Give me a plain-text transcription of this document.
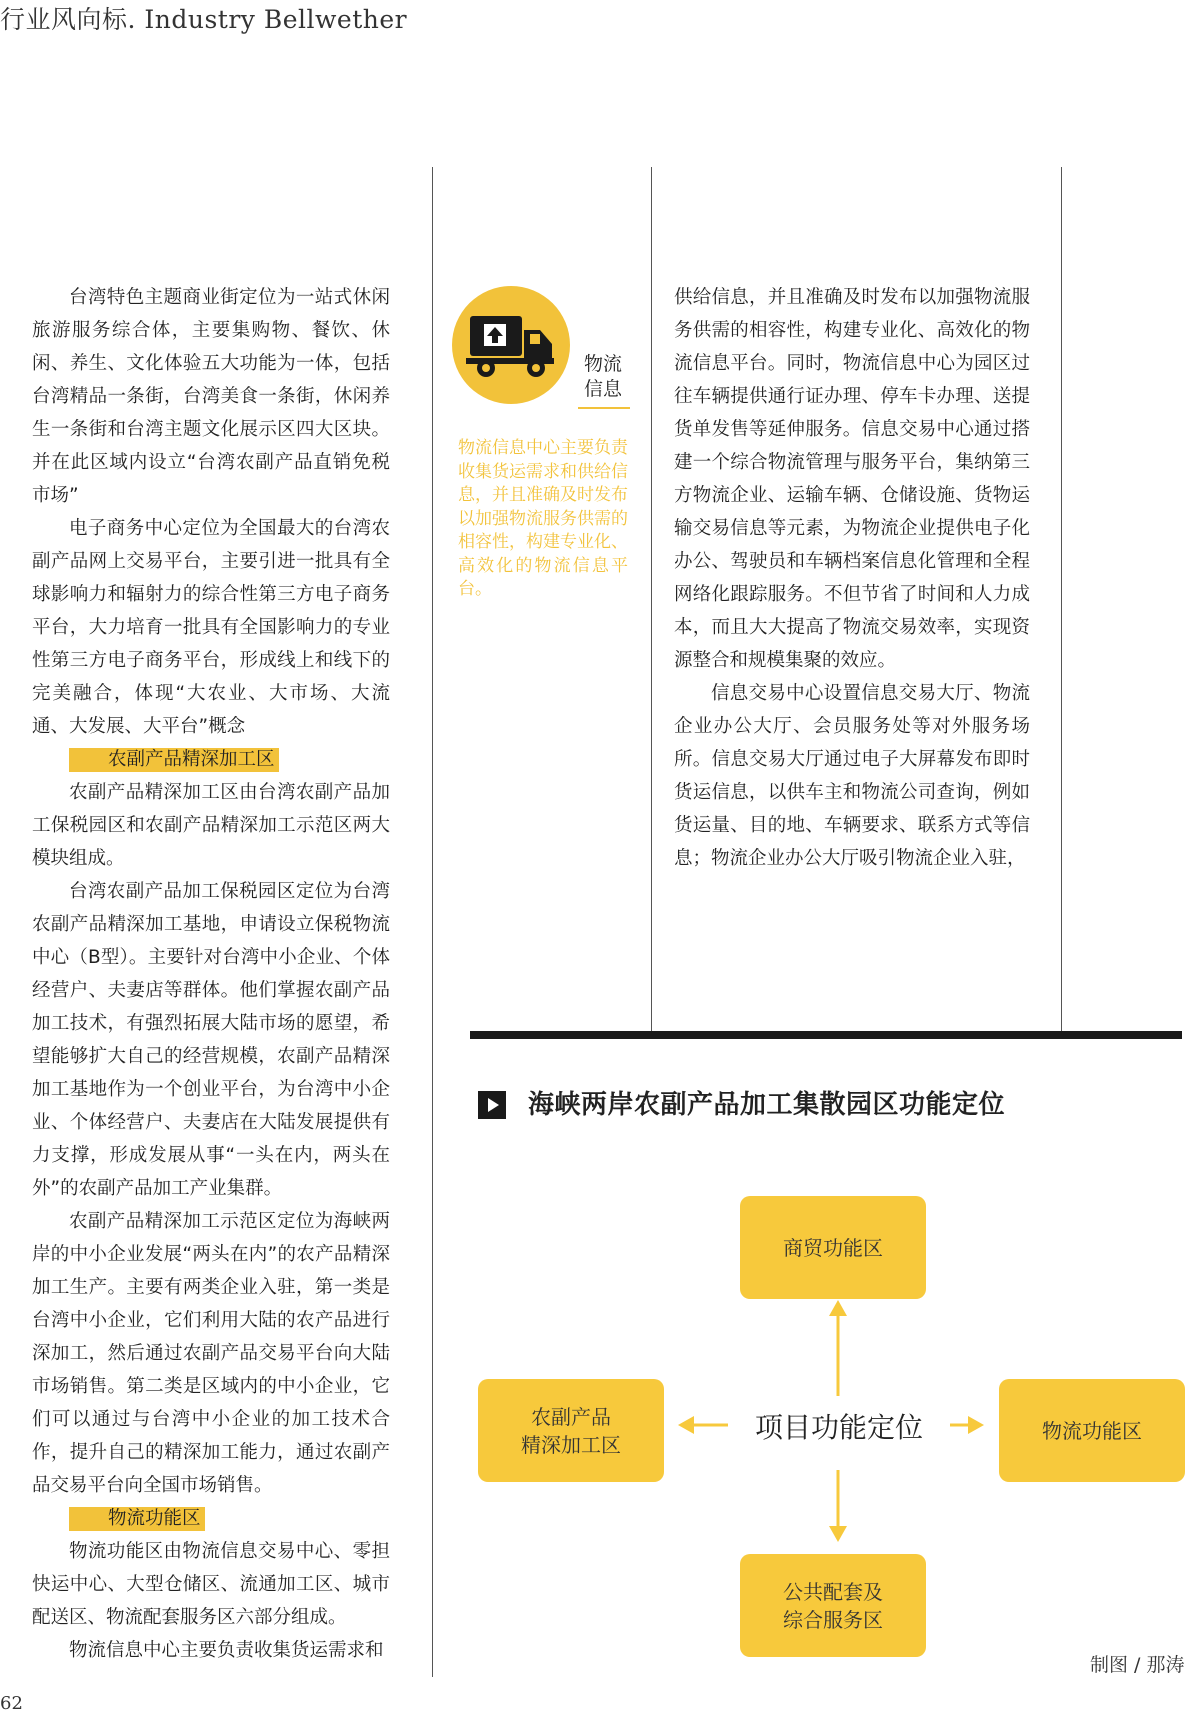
行业风向标. Industry Bellwether

台湾特色主题商业街定位为一站式休闲旅游服务综合体，主要集购物、餐饮、休闲、养生、文化体验五大功能为一体，包括台湾精品一条街，台湾美食一条街，休闲养生一条街和台湾主题文化展示区四大区块。并在此区域内设立“台湾农副产品直销免税市场”

电子商务中心定位为全国最大的台湾农副产品网上交易平台，主要引进一批具有全球影响力和辐射力的综合性第三方电子商务平台，大力培育一批具有全国影响力的专业性第三方电子商务平台，形成线上和线下的完美融合，体现“大农业、大市场、大流通、大发展、大平台”概念

农副产品精深加工区

农副产品精深加工区由台湾农副产品加工保税园区和农副产品精深加工示范区两大模块组成。

台湾农副产品加工保税园区定位为台湾农副产品精深加工基地，申请设立保税物流中心（B型）。主要针对台湾中小企业、个体经营户、夫妻店等群体。他们掌握农副产品加工技术，有强烈拓展大陆市场的愿望，希望能够扩大自己的经营规模，农副产品精深加工基地作为一个创业平台，为台湾中小企业、个体经营户、夫妻店在大陆发展提供有力支撑，形成发展从事“一头在内，两头在外”的农副产品加工产业集群。

农副产品精深加工示范区定位为海峡两岸的中小企业发展“两头在内”的农产品精深加工生产。主要有两类企业入驻，第一类是台湾中小企业，它们利用大陆的农产品进行深加工，然后通过农副产品交易平台向大陆市场销售。第二类是区域内的中小企业，它们可以通过与台湾中小企业的加工技术合作，提升自己的精深加工能力，通过农副产品交易平台向全国市场销售。

物流功能区

物流功能区由物流信息交易中心、零担快运中心、大型仓储区、流通加工区、城市配送区、物流配套服务区六部分组成。

物流信息中心主要负责收集货运需求和

物流
信息
物流信息中心主要负责收集货运需求和供给信息，并且准确及时发布以加强物流服务供需的相容性，构建专业化、高效化的物流信息平台。

供给信息，并且准确及时发布以加强物流服务供需的相容性，构建专业化、高效化的物流信息平台。同时，物流信息中心为园区过往车辆提供通行证办理、停车卡办理、送提货单发售等延伸服务。信息交易中心通过搭建一个综合物流管理与服务平台，集纳第三方物流企业、运输车辆、仓储设施、货物运输交易信息等元素，为物流企业提供电子化办公、驾驶员和车辆档案信息化管理和全程网络化跟踪服务。不但节省了时间和人力成本，而且大大提高了物流交易效率，实现资源整合和规模集聚的效应。

信息交易中心设置信息交易大厅、物流企业办公大厅、会员服务处等对外服务场所。信息交易大厅通过电子大屏幕发布即时货运信息，以供车主和物流公司查询，例如货运量、目的地、车辆要求、联系方式等信息；物流企业办公大厅吸引物流企业入驻，

海峡两岸农副产品加工集散园区功能定位
商贸功能区
农副产品
精深加工区
物流功能区
公共配套及
综合服务区
项目功能定位
制图 / 那涛
62
